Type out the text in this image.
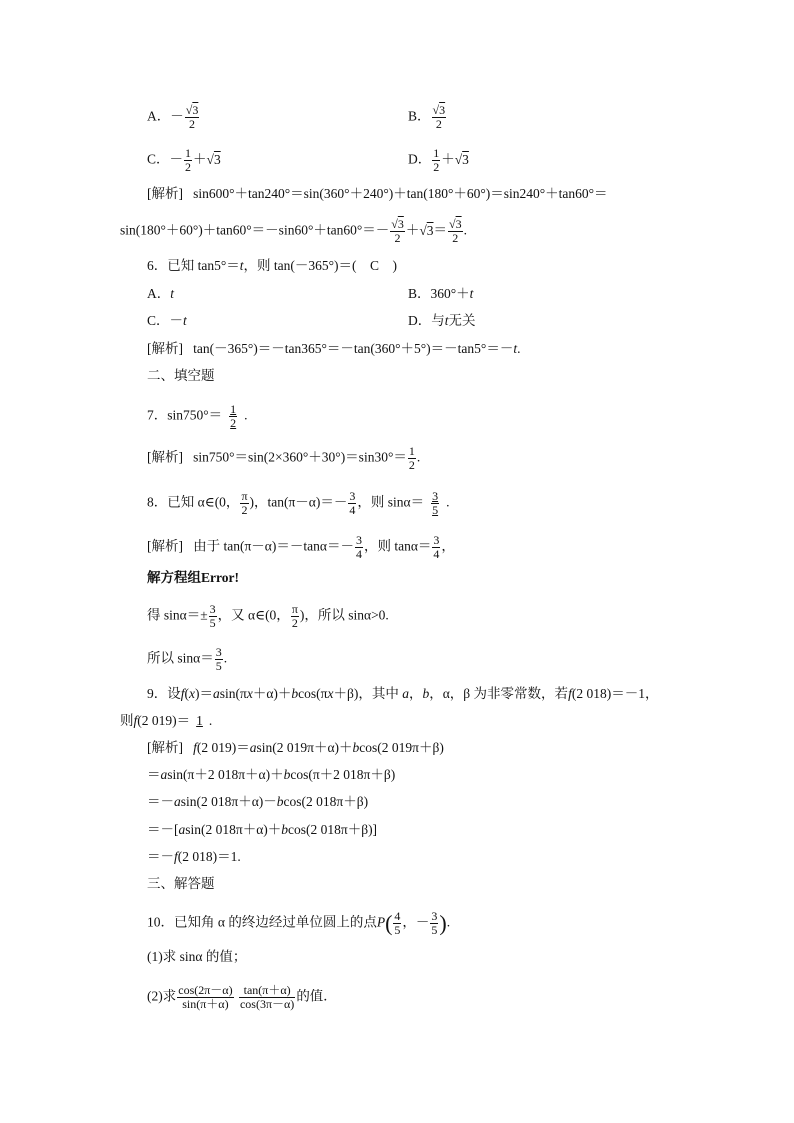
A．－ $\frac{√3}{2}$	B． $\frac{√3}{2}$
C．－ $\frac{1}{2} +√3$	D． $\frac{1}{2} +√3$
[解析] sin600°＋tan240°＝sin(360°＋240°)＋tan(180°＋60°)＝sin240°＋tan60°＝
$\sin(180^\circ+60^\circ)+\tan 60^\circ=-\sin 60^\circ+\tan 60^\circ=- \frac{√3}{2} +√3= \frac{√3}{2}$ .
6．已知 tan5°＝t，则 tan(－365°)＝(　C　)
A．t	B．360°＋t
C．－t	D．与t无关
[解析] tan(－365°)＝－tan365°＝－tan(360°＋5°)＝－tan5°＝－t.
二、填空题
7．$\sin 750^\circ= \frac{1}{2}$ .
[解析] $\sin 750^\circ=\sin(2\times 360^\circ+30^\circ)=\sin 30^\circ= \frac{1}{2}$ .
8．已知 α∈(0， $\frac{\pi}{2}$ )，$\tan(\pi-\alpha)=- \frac{3}{4}$ ，则 $\sin\alpha= \frac{3}{5}$ .
[解析] 由于 $\tan(\pi-\alpha)=-\tan\alpha=- \frac{3}{4}$ ，则 $\tan\alpha= \frac{3}{4}$ ，
解方程组Error!
得 $\sin\alpha=\pm \frac{3}{5}$ ，又 α∈(0， $\frac{\pi}{2}$ )，所以 sinα>0.
所以 $\sin\alpha= \frac{3}{5}$ .
9．设f(x)＝asin(πx＋α)＋bcos(πx＋β)，其中 a，b，α，β 为非零常数，若f(2 018)＝－1，
则f(2 019)＝ 1 .
[解析] f(2 019)＝asin(2 019π＋α)＋bcos(2 019π＋β)
＝asin(π＋2 018π＋α)＋bcos(π＋2 018π＋β)
＝－asin(2 018π＋α)－bcos(2 018π＋β)
＝－[asin(2 018π＋α)＋bcos(2 018π＋β)]
＝－f(2 018)＝1.
三、解答题
10．已知角 α 的终边经过单位圆上的点$P( \frac{4}{5}$ ，－ $\frac{3}{5}$ ).
(1)求 sinα 的值；
(2)求 $\frac{\cos(2\pi-\alpha)}{\sin(\pi+\alpha)}$
$\frac{\tan(\pi+\alpha)}{\cos(3\pi-\alpha)}$ 的值．
